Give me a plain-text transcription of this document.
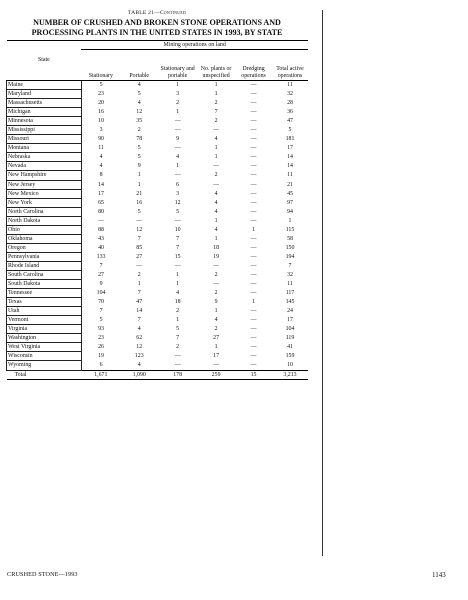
TABLE 21—Continued
NUMBER OF CRUSHED AND BROKEN STONE OPERATIONS AND
PROCESSING PLANTS IN THE UNITED STATES IN 1993, BY STATE
State	Mining operations on land					
	Stationary	Portable	Stationary and portable	No. plants or unspecified	Dredging operations	Total active operations
Maine	5	4	1	1	—	11
Maryland	23	5	3	1	—	32
Massachusetts	20	4	2	2	—	28
Michigan	16	12	1	7	—	36
Minnesota	10	35	—	2	—	47
Mississippi	3	2	—	—	—	5
Missouri	90	78	9	4	—	181
Montana	11	5	—	1	—	17
Nebraska	4	5	4	1	—	14
Nevada	4	9	1	—	—	14
New Hampshire	8	1	—	2	—	11
New Jersey	14	1	6	—	—	21
New Mexico	17	21	3	4	—	45
New York	65	16	12	4	—	97
North Carolina	80	5	5	4	—	94
North Dakota	—	—	—	1	—	1
Ohio	88	12	10	4	1	115
Oklahoma	43	7	7	1	—	58
Oregon	40	85	7	18	—	150
Pennsylvania	133	27	15	19	—	194
Rhode Island	7	—	—	—	—	7
South Carolina	27	2	1	2	—	32
South Dakota	9	1	1	—	—	11
Tennessee	104	7	4	2	—	117
Texas	70	47	18	9	1	145
Utah	7	14	2	1	—	24
Vermont	5	7	1	4	—	17
Virginia	93	4	5	2	—	104
Washington	23	62	7	27	—	119
West Virginia	26	12	2	1	—	41
Wisconsin	19	123	—	17	—	159
Wyoming	6	4	—	—	—	10
Total	1,671	1,090	178	259	15	3,213
CRUSHED STONE—1993	1143
